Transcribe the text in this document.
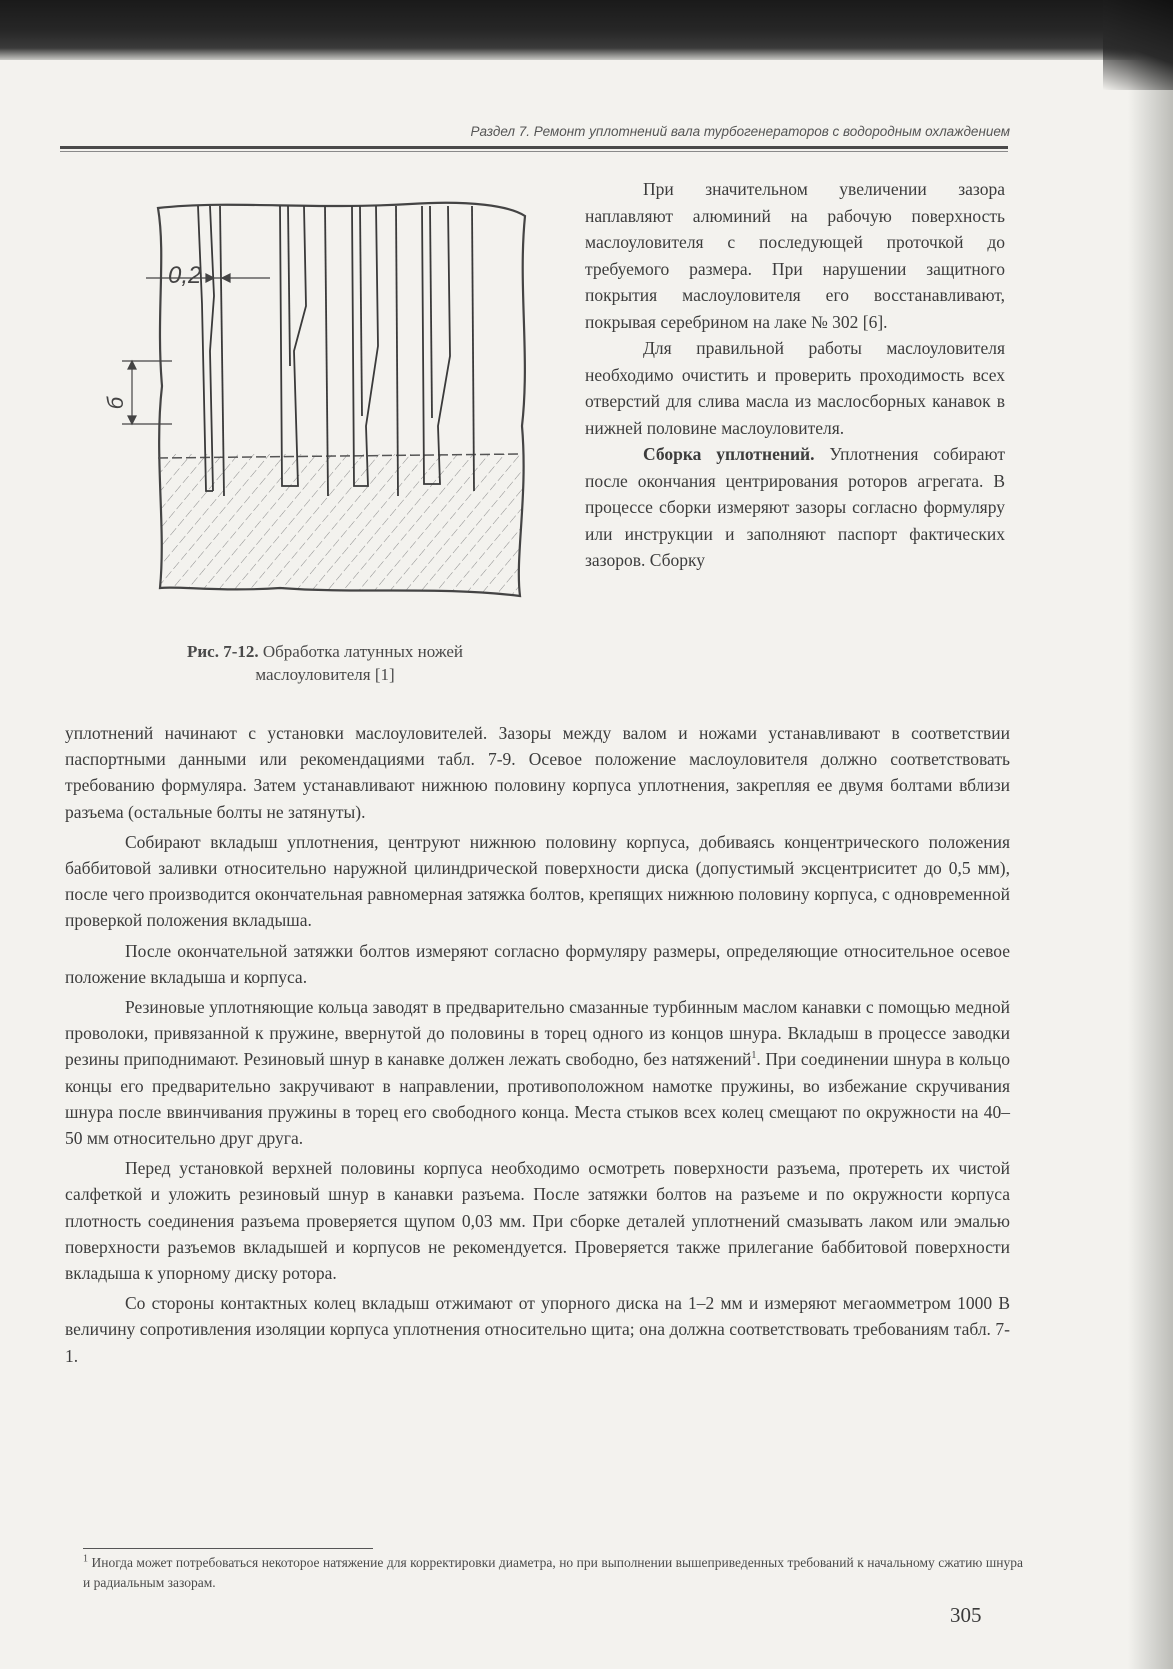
Раздел 7. Ремонт уплотнений вала турбогенераторов с водородным охлаждением
0,2
б
Рис. 7-12. Обработка латунных ножей маслоуловителя [1]

При значительном увеличении зазора наплавляют алюминий на рабочую поверхность маслоуловителя с последующей проточкой до требуемого размера. При нарушении защитного покрытия маслоуловителя его восстанавливают, покрывая серебрином на лаке № 302 [6].

Для правильной работы маслоуловителя необходимо очистить и проверить проходимость всех отверстий для слива масла из маслосборных канавок в нижней половине маслоуловителя.

Сборка уплотнений. Уплотнения собирают после окончания центрирования роторов агрегата. В процессе сборки измеряют зазоры согласно формуляру или инструкции и заполняют паспорт фактических зазоров. Сборку

уплотнений начинают с установки маслоуловителей. Зазоры между валом и ножами устанавливают в соответствии паспортными данными или рекомендациями табл. 7-9. Осевое положение маслоуловителя должно соответствовать требованию формуляра. Затем устанавливают нижнюю половину корпуса уплотнения, закрепляя ее двумя болтами вблизи разъема (остальные болты не затянуты).

Собирают вкладыш уплотнения, центруют нижнюю половину корпуса, добиваясь концентрического положения баббитовой заливки относительно наружной цилиндрической поверхности диска (допустимый эксцентриситет до 0,5 мм), после чего производится окончательная равномерная затяжка болтов, крепящих нижнюю половину корпуса, с одновременной проверкой положения вкладыша.

После окончательной затяжки болтов измеряют согласно формуляру размеры, определяющие относительное осевое положение вкладыша и корпуса.

Резиновые уплотняющие кольца заводят в предварительно смазанные турбинным маслом канавки с помощью медной проволоки, привязанной к пружине, ввернутой до половины в торец одного из концов шнура. Вкладыш в процессе заводки резины приподнимают. Резиновый шнур в канавке должен лежать свободно, без натяжений$^1$. При соединении шнура в кольцо концы его предварительно закручивают в направлении, противоположном намотке пружины, во избежание скручивания шнура после ввинчивания пружины в торец его свободного конца. Места стыков всех колец смещают по окружности на 40–50 мм относительно друг друга.

Перед установкой верхней половины корпуса необходимо осмотреть поверхности разъема, протереть их чистой салфеткой и уложить резиновый шнур в канавки разъема. После затяжки болтов на разъеме и по окружности корпуса плотность соединения разъема проверяется щупом 0,03 мм. При сборке деталей уплотнений смазывать лаком или эмалью поверхности разъемов вкладышей и корпусов не рекомендуется. Проверяется также прилегание баббитовой поверхности вкладыша к упорному диску ротора.

Со стороны контактных колец вкладыш отжимают от упорного диска на 1–2 мм и измеряют мегаомметром 1000 В величину сопротивления изоляции корпуса уплотнения относительно щита; она должна соответствовать требованиям табл. 7-1.

$^1$ Иногда может потребоваться некоторое натяжение для корректировки диаметра, но при выполнении вышеприведенных требований к начальному сжатию шнура и радиальным зазорам.
305
